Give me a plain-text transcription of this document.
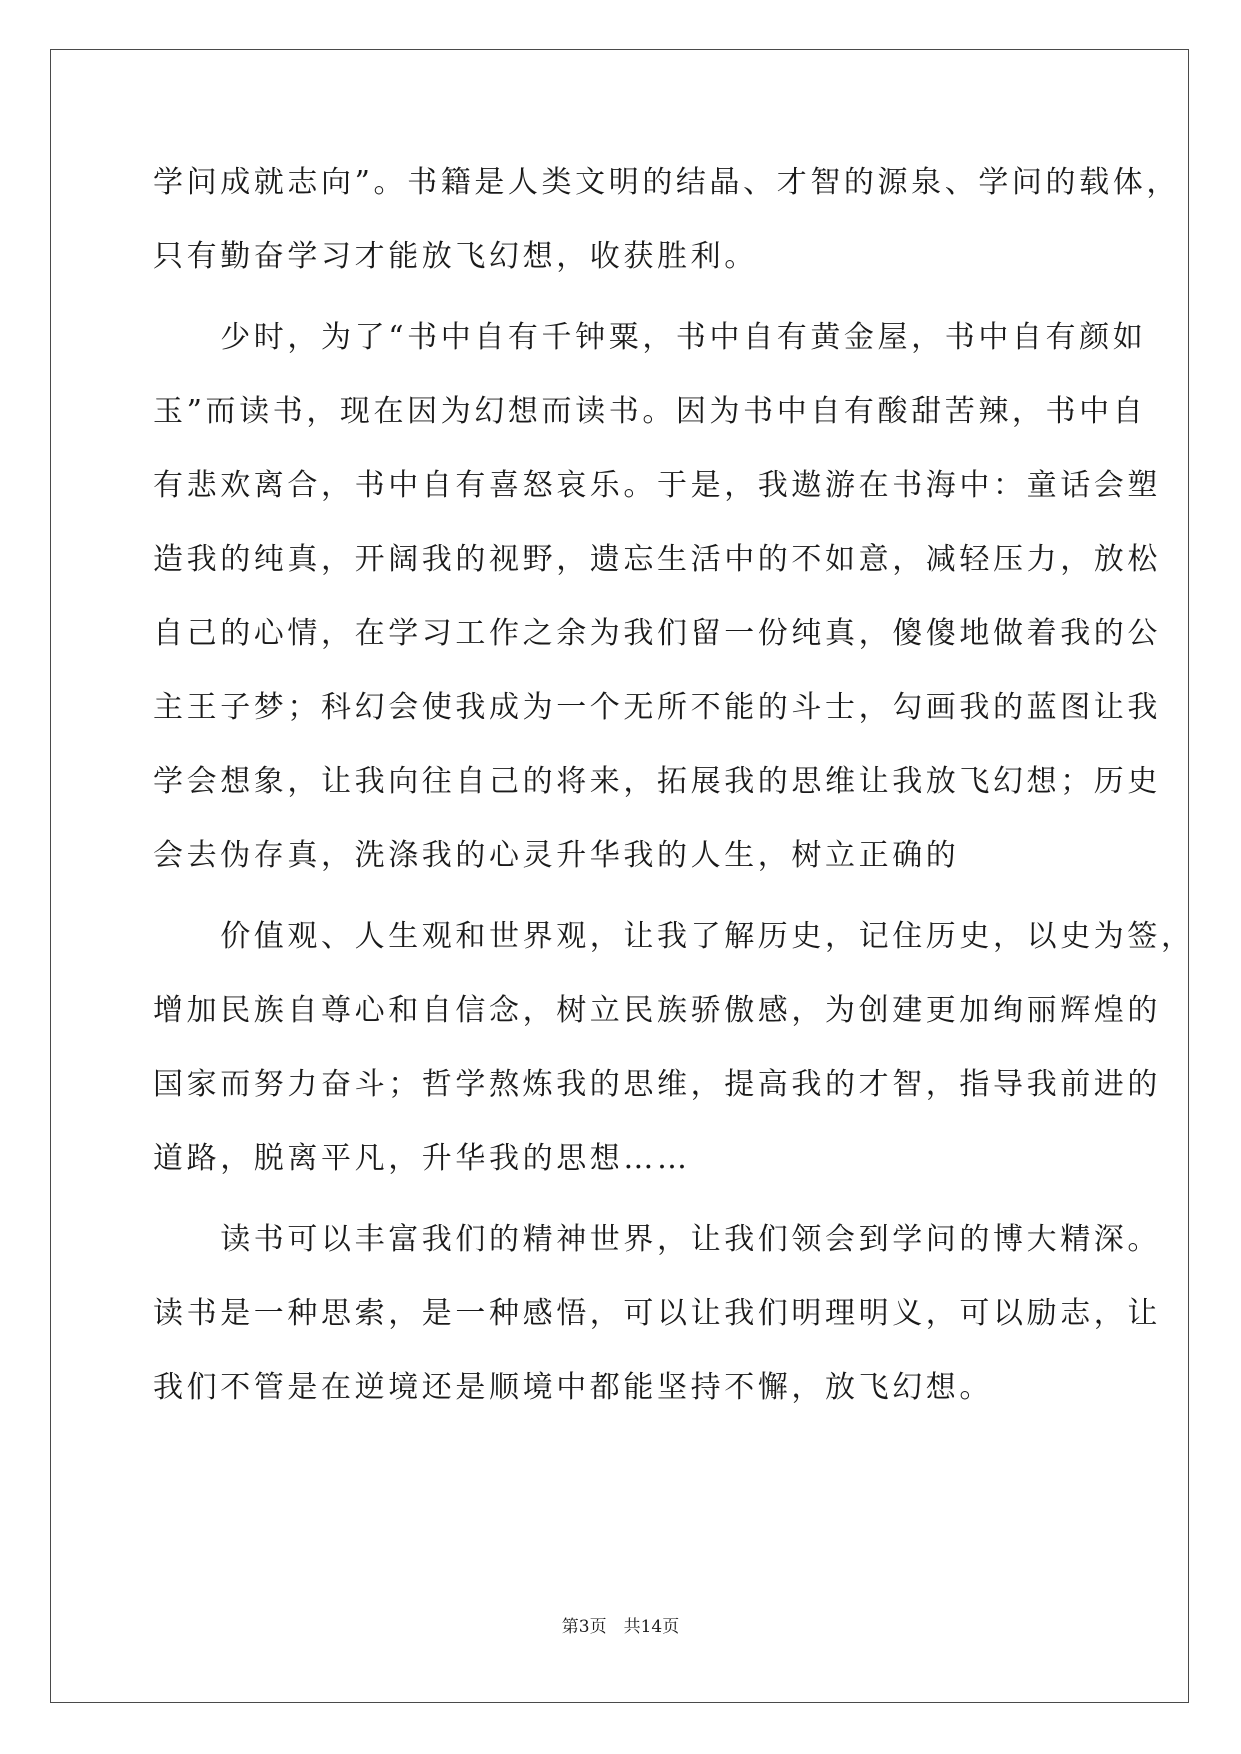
学问成就志向”。书籍是人类文明的结晶、才智的源泉、学问的载体，
只有勤奋学习才能放飞幻想，收获胜利。
　　少时，为了“书中自有千钟粟，书中自有黄金屋，书中自有颜如
玉”而读书，现在因为幻想而读书。因为书中自有酸甜苦辣，书中自
有悲欢离合，书中自有喜怒哀乐。于是，我遨游在书海中：童话会塑
造我的纯真，开阔我的视野，遗忘生活中的不如意，减轻压力，放松
自己的心情，在学习工作之余为我们留一份纯真，傻傻地做着我的公
主王子梦；科幻会使我成为一个无所不能的斗士，勾画我的蓝图让我
学会想象，让我向往自己的将来，拓展我的思维让我放飞幻想；历史
会去伪存真，洗涤我的心灵升华我的人生，树立正确的
　　价值观、人生观和世界观，让我了解历史，记住历史，以史为签，
增加民族自尊心和自信念，树立民族骄傲感，为创建更加绚丽辉煌的
国家而努力奋斗；哲学熬炼我的思维，提高我的才智，指导我前进的
道路，脱离平凡，升华我的思想……
　　读书可以丰富我们的精神世界，让我们领会到学问的博大精深。
读书是一种思索，是一种感悟，可以让我们明理明义，可以励志，让
我们不管是在逆境还是顺境中都能坚持不懈，放飞幻想。
第3页　共14页
